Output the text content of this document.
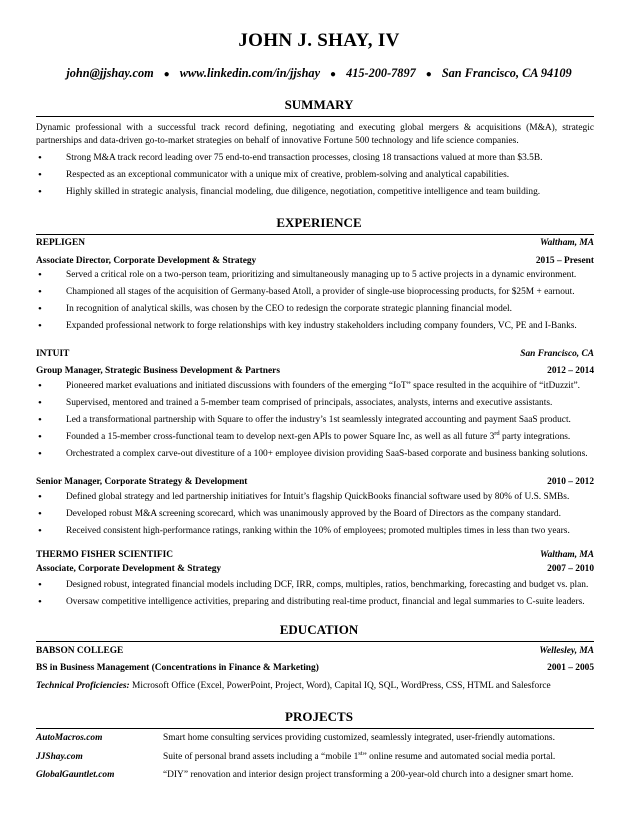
JOHN J. SHAY, IV
john@jjshay.com ● www.linkedin.com/in/jjshay ● 415-200-7897 ● San Francisco, CA 94109
SUMMARY
Dynamic professional with a successful track record defining, negotiating and executing global mergers & acquisitions (M&A), strategic partnerships and data-driven go-to-market strategies on behalf of innovative Fortune 500 technology and life science companies.
• Strong M&A track record leading over 75 end-to-end transaction processes, closing 18 transactions valued at more than $3.5B.
• Respected as an exceptional communicator with a unique mix of creative, problem-solving and analytical capabilities.
• Highly skilled in strategic analysis, financial modeling, due diligence, negotiation, competitive intelligence and team building.
EXPERIENCE
REPLIGEN	Waltham, MA
Associate Director, Corporate Development & Strategy	2015 – Present
• Served a critical role on a two-person team, prioritizing and simultaneously managing up to 5 active projects in a dynamic environment.
• Championed all stages of the acquisition of Germany-based Atoll, a provider of single-use bioprocessing products, for $25M + earnout.
• In recognition of analytical skills, was chosen by the CEO to redesign the corporate strategic planning financial model.
• Expanded professional network to forge relationships with key industry stakeholders including company founders, VC, PE and I-Banks.
INTUIT	San Francisco, CA
Group Manager, Strategic Business Development & Partners	2012 – 2014
• Pioneered market evaluations and initiated discussions with founders of the emerging “IoT” space resulted in the acquihire of “itDuzzit”.
• Supervised, mentored and trained a 5-member team comprised of principals, associates, analysts, interns and executive assistants.
• Led a transformational partnership with Square to offer the industry’s 1st seamlessly integrated accounting and payment SaaS product.
• Founded a 15-member cross-functional team to develop next-gen APIs to power Square Inc, as well as all future 3rd party integrations.
• Orchestrated a complex carve-out divestiture of a 100+ employee division providing SaaS-based corporate and business banking solutions.
Senior Manager, Corporate Strategy & Development	2010 – 2012
• Defined global strategy and led partnership initiatives for Intuit’s flagship QuickBooks financial software used by 80% of U.S. SMBs.
• Developed robust M&A screening scorecard, which was unanimously approved by the Board of Directors as the company standard.
• Received consistent high-performance ratings, ranking within the 10% of employees; promoted multiples times in less than two years.
THERMO FISHER SCIENTIFIC	Waltham, MA
Associate, Corporate Development & Strategy	2007 – 2010
• Designed robust, integrated financial models including DCF, IRR, comps, multiples, ratios, benchmarking, forecasting and budget vs. plan.
• Oversaw competitive intelligence activities, preparing and distributing real-time product, financial and legal summaries to C-suite leaders.
EDUCATION
BABSON COLLEGE	Wellesley, MA
BS in Business Management (Concentrations in Finance & Marketing)	2001 – 2005
Technical Proficiencies: Microsoft Office (Excel, PowerPoint, Project, Word), Capital IQ, SQL, WordPress, CSS, HTML and Salesforce
PROJECTS
AutoMacros.com	Smart home consulting services providing customized, seamlessly integrated, user-friendly automations.
JJShay.com	Suite of personal brand assets including a “mobile 1st” online resume and automated social media portal.
GlobalGauntlet.com	“DIY” renovation and interior design project transforming a 200-year-old church into a designer smart home.
